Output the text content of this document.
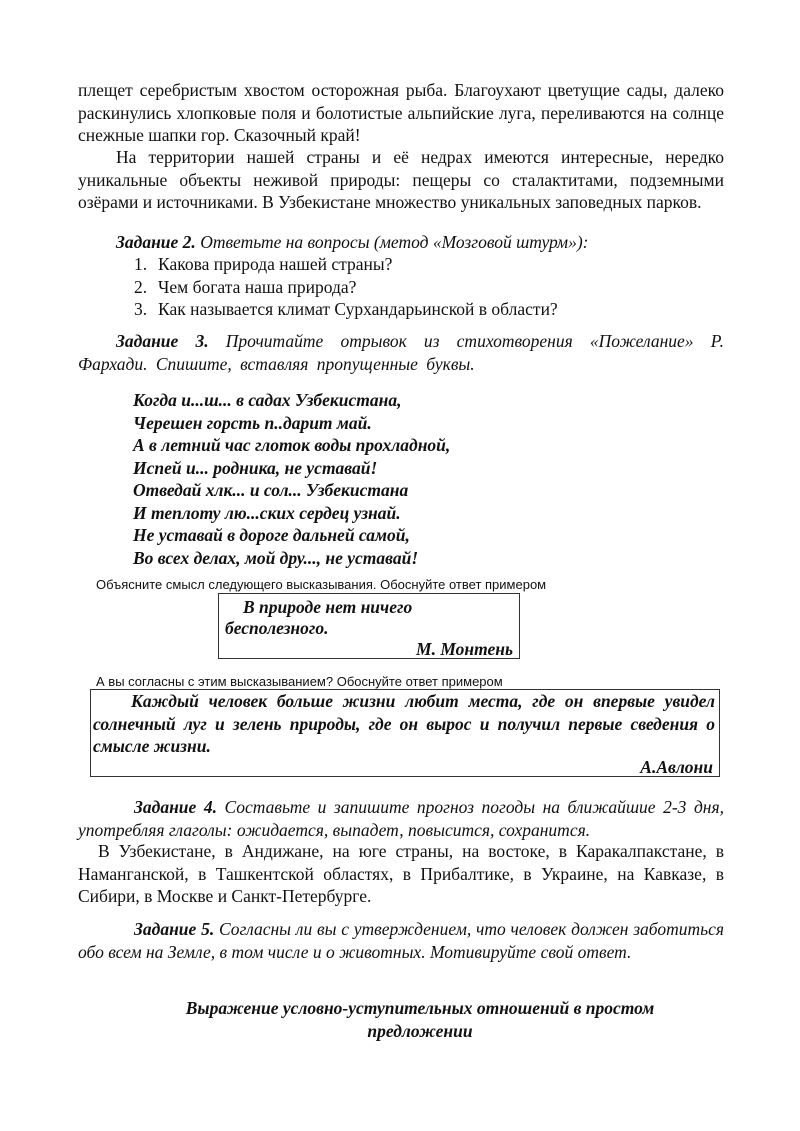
плещет серебристым хвостом осторожная рыба. Благоухают цветущие сады, далеко раскинулись хлопковые поля и болотистые альпийские луга, переливаются на солнце снежные шапки гор. Сказочный край!
На территории нашей страны и её недрах имеются интересные, нередко уникальные объекты неживой природы: пещеры со сталактитами, подземными озёрами и источниками. В Узбекистане множество уникальных заповедных парков.
Задание 2. Ответьте на вопросы (метод «Мозговой штурм»):
1. Какова природа нашей страны?
2. Чем богата наша природа?
3. Как называется климат Сурхандарьинской в области?
Задание 3. Прочитайте отрывок из стихотворения «Пожелание» Р. Фархади. Спишите, вставляя пропущенные буквы.
Когда и...ш... в садах Узбекистана,
Черешен горсть п..дарит май.
А в летний час глоток воды прохладной,
Испей и... родника, не уставай!
Отведай хлк... и сол... Узбекистана
И теплоту лю...ских сердец узнай.
Не уставай в дороге дальней самой,
Во всех делах, мой дру..., не уставай!
Объясните смысл следующего высказывания. Обоснуйте ответ примером
В природе нет ничего
бесполезного.
М. Монтень
А вы согласны с этим высказыванием? Обоснуйте ответ примером
Каждый человек больше жизни любит места, где он впервые увидел солнечный луг и зелень природы, где он вырос и получил первые сведения о смысле жизни.
А.Авлони
Задание 4. Составьте и запишите прогноз погоды на ближайшие 2-3 дня, употребляя глаголы: ожидается, выпадет, повысится, сохранится.
В Узбекистане, в Андижане, на юге страны, на востоке, в Каракалпакстане, в Наманганской, в Ташкентской областях, в Прибалтике, в Украине, на Кавказе, в Сибири, в Москве и Санкт-Петербурге.
Задание 5. Согласны ли вы с утверждением, что человек должен заботиться обо всем на Земле, в том числе и о животных. Мотивируйте свой ответ.
Выражение условно-уступительных отношений в простом
предложении
